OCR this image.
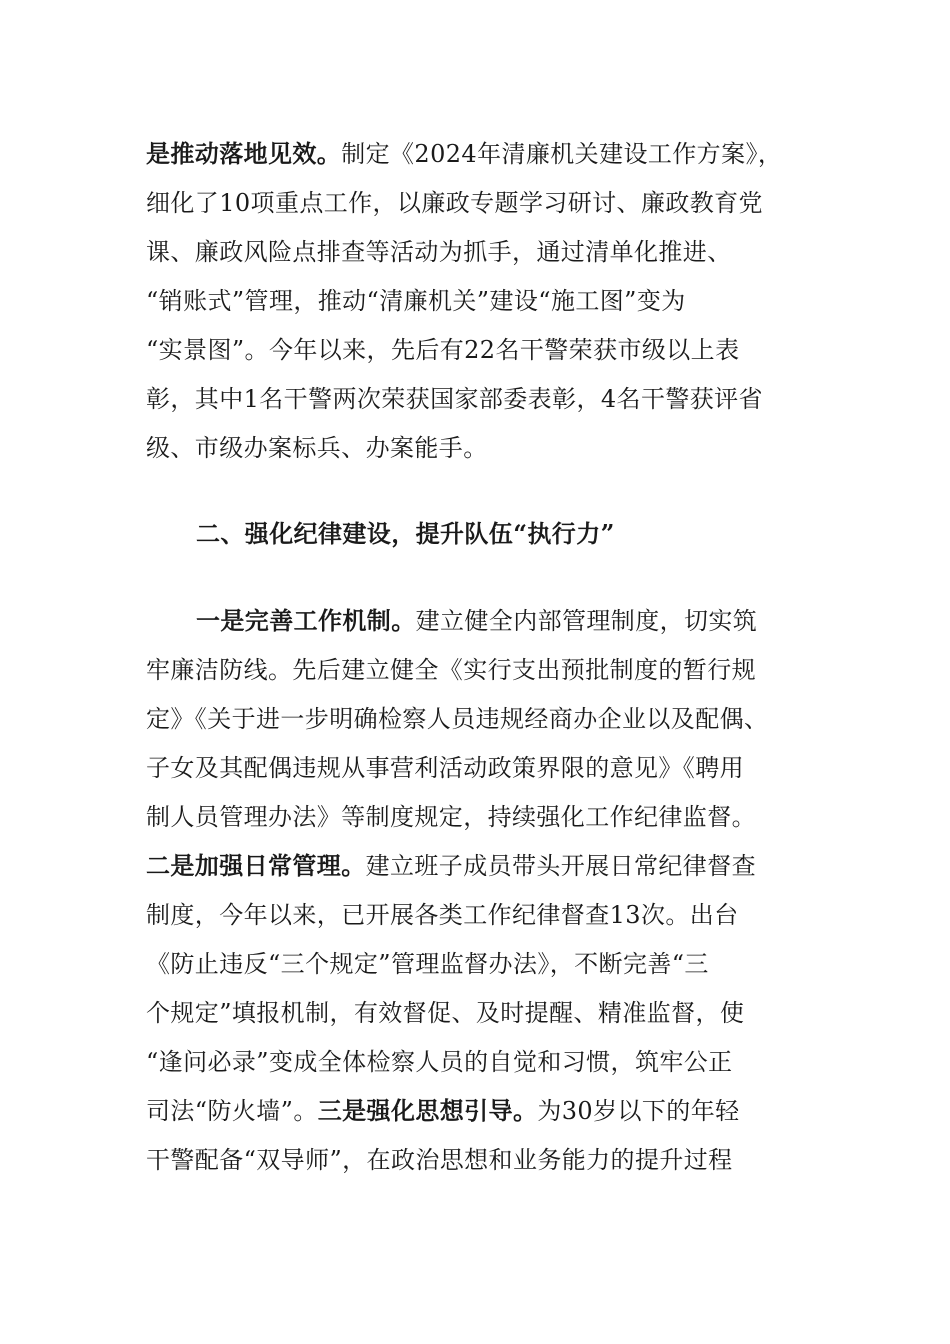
是推动落地见效。制定《2024年清廉机关建设工作方案》，
细化了10项重点工作，以廉政专题学习研讨、廉政教育党
课、廉政风险点排查等活动为抓手，通过清单化推进、
“销账式”管理，推动“清廉机关”建设“施工图”变为
“实景图”。今年以来，先后有22名干警荣获市级以上表
彰，其中1名干警两次荣获国家部委表彰，4名干警获评省
级、市级办案标兵、办案能手。
二、强化纪律建设，提升队伍“执行力”
一是完善工作机制。建立健全内部管理制度，切实筑
牢廉洁防线。先后建立健全《实行支出预批制度的暂行规
定》《关于进一步明确检察人员违规经商办企业以及配偶、
子女及其配偶违规从事营利活动政策界限的意见》《聘用
制人员管理办法》等制度规定，持续强化工作纪律监督。
二是加强日常管理。建立班子成员带头开展日常纪律督查
制度，今年以来，已开展各类工作纪律督查13次。出台
《防止违反“三个规定”管理监督办法》，不断完善“三
个规定”填报机制，有效督促、及时提醒、精准监督，使
“逢问必录”变成全体检察人员的自觉和习惯，筑牢公正
司法“防火墙”。三是强化思想引导。为30岁以下的年轻
干警配备“双导师”，在政治思想和业务能力的提升过程
